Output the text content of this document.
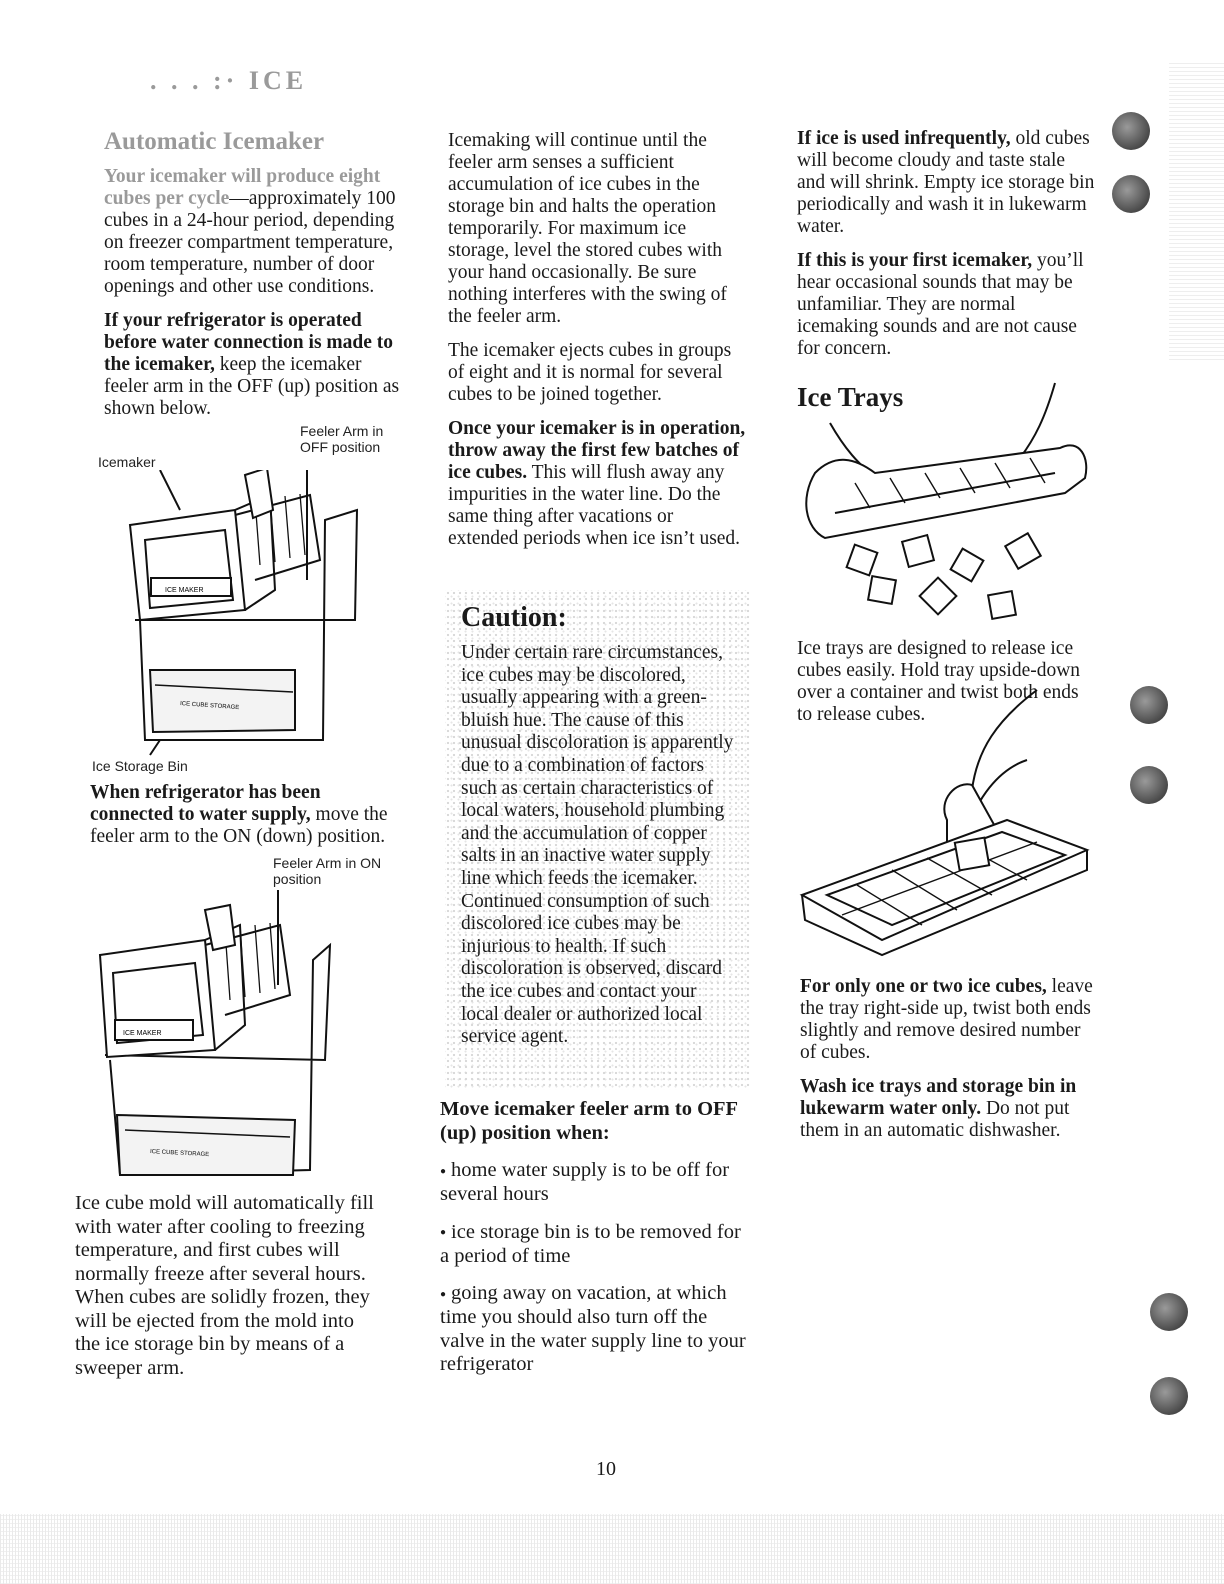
. . . :· ICE
Automatic Icemaker

Your icemaker will produce eight cubes per cycle—approximately 100 cubes in a 24-hour period, depending on freezer compartment temperature, room temperature, number of door openings and other use conditions.

If your refrigerator is operated before water connection is made to the icemaker, keep the icemaker feeler arm in the OFF (up) position as shown below.

Feeler Arm in OFF position
Icemaker
ICE MAKER
ICE CUBE STORAGE
Ice Storage Bin

When refrigerator has been connected to water supply, move the feeler arm to the ON (down) position.

Feeler Arm in ON position
ICE MAKER
ICE CUBE STORAGE

Ice cube mold will automatically fill with water after cooling to freezing temperature, and first cubes will normally freeze after several hours. When cubes are solidly frozen, they will be ejected from the mold into the ice storage bin by means of a sweeper arm.

Icemaking will continue until the feeler arm senses a sufficient accumulation of ice cubes in the storage bin and halts the operation temporarily. For maximum ice storage, level the stored cubes with your hand occasionally. Be sure nothing interferes with the swing of the feeler arm.

The icemaker ejects cubes in groups of eight and it is normal for several cubes to be joined together.

Once your icemaker is in operation, throw away the first few batches of ice cubes. This will flush away any impurities in the water line. Do the same thing after vacations or extended periods when ice isn’t used.

Caution:

Under certain rare circumstances, ice cubes may be discolored, usually appearing with a green-bluish hue. The cause of this unusual discoloration is apparently due to a combination of factors such as certain characteristics of local waters, household plumbing and the accumulation of copper salts in an inactive water supply line which feeds the icemaker. Continued consumption of such discolored ice cubes may be injurious to health. If such discoloration is observed, discard the ice cubes and contact your local dealer or authorized local service agent.

Move icemaker feeler arm to OFF (up) position when:

● home water supply is to be off for several hours
● ice storage bin is to be removed for a period of time
● going away on vacation, at which time you should also turn off the valve in the water supply line to your refrigerator

If ice is used infrequently, old cubes will become cloudy and taste stale and will shrink. Empty ice storage bin periodically and wash it in lukewarm water.

If this is your first icemaker, you’ll hear occasional sounds that may be unfamiliar. They are normal icemaking sounds and are not cause for concern.

Ice Trays

Ice trays are designed to release ice cubes easily. Hold tray upside-down over a container and twist both ends to release cubes.

For only one or two ice cubes, leave the tray right-side up, twist both ends slightly and remove desired number of cubes.

Wash ice trays and storage bin in lukewarm water only. Do not put them in an automatic dishwasher.

10
